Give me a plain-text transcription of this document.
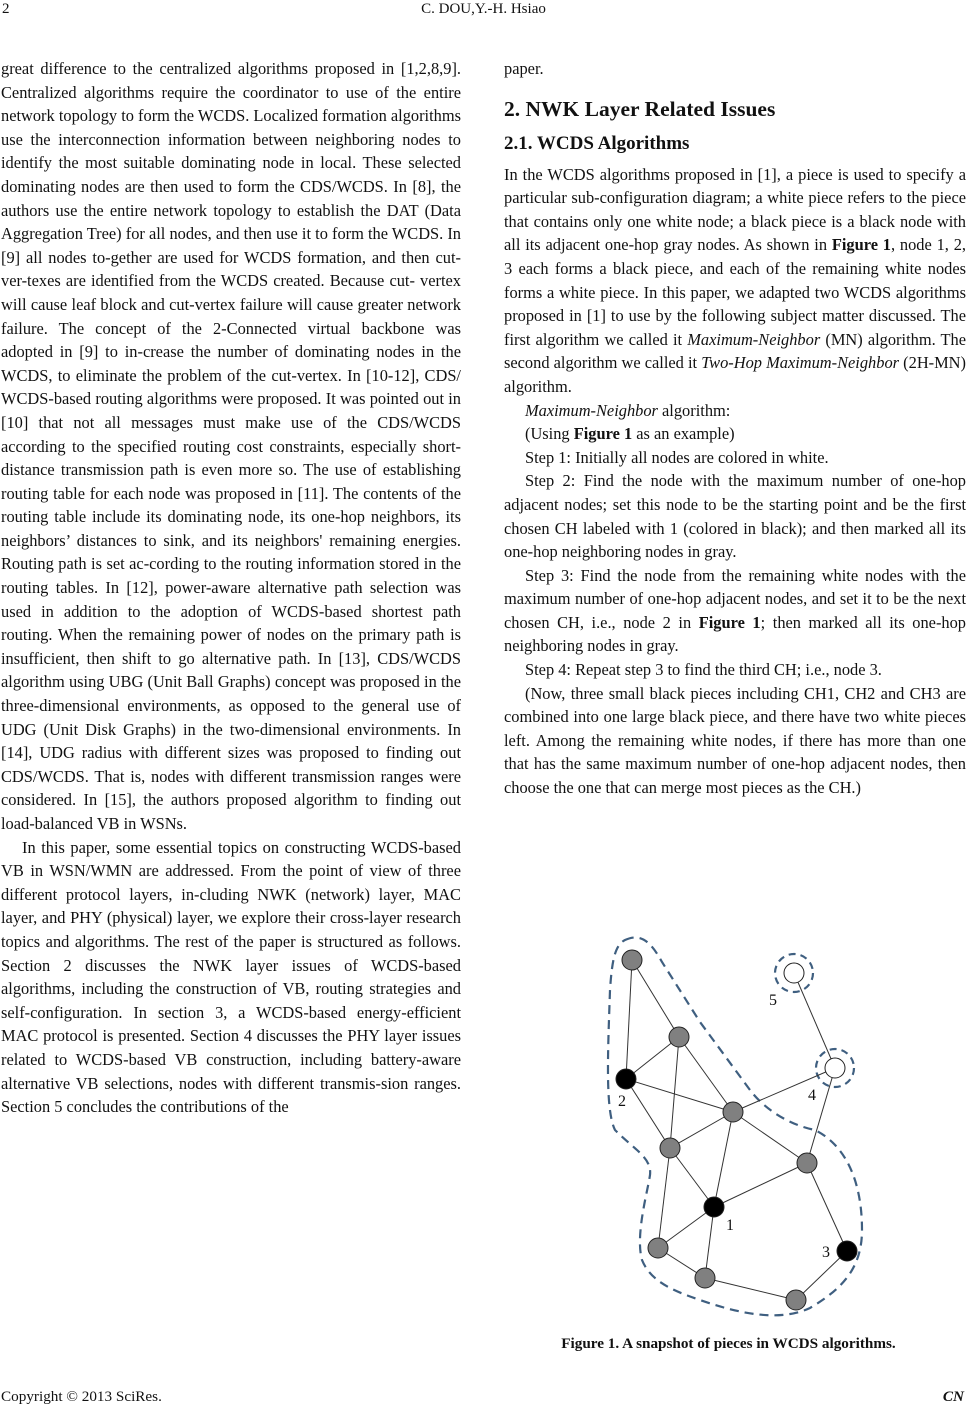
2	C. DOU,Y.-H. Hsiao

great difference to the centralized algorithms proposed in [1,2,8,9]. Centralized algorithms require the coordinator to use of the entire network topology to form the WCDS. Localized formation algorithms use the interconnection information between neighboring nodes to identify the most suitable dominating node in local. These selected dominating nodes are then used to form the CDS/WCDS. In [8], the authors use the entire network topology to establish the DAT (Data Aggregation Tree) for all nodes, and then use it to form the WCDS. In [9] all nodes to-gether are used for WCDS formation, and then cut-ver-texes are identified from the WCDS created. Because cut- vertex will cause leaf block and cut-vertex failure will cause greater network failure. The concept of the 2-Connected virtual backbone was adopted in [9] to in-crease the number of dominating nodes in the WCDS, to eliminate the problem of the cut-vertex. In [10-12], CDS/ WCDS-based routing algorithms were proposed. It was pointed out in [10] that not all messages must make use of the CDS/WCDS according to the specified routing cost constraints, especially short-distance transmission path is even more so. The use of establishing routing table for each node was proposed in [11]. The contents of the routing table include its dominating node, its one-hop neighbors, its neighbors’ distances to sink, and its neighbors' remaining energies. Routing path is set ac-cording to the routing information stored in the routing tables. In [12], power-aware alternative path selection was used in addition to the adoption of WCDS-based shortest path routing. When the remaining power of nodes on the primary path is insufficient, then shift to go alternative path. In [13], CDS/WCDS algorithm using UBG (Unit Ball Graphs) concept was proposed in the three-dimensional environments, as opposed to the general use of UDG (Unit Disk Graphs) in the two-dimensional environments. In [14], UDG radius with different sizes was proposed to finding out CDS/WCDS. That is, nodes with different transmission ranges were considered. In [15], the authors proposed algorithm to finding out load-balanced VB in WSNs.

In this paper, some essential topics on constructing WCDS-based VB in WSN/WMN are addressed. From the point of view of three different protocol layers, in-cluding NWK (network) layer, MAC layer, and PHY (physical) layer, we explore their cross-layer research topics and algorithms. The rest of the paper is structured as follows. Section 2 discusses the NWK layer issues of WCDS-based algorithms, including the construction of VB, routing strategies and self-configuration. In section 3, a WCDS-based energy-efficient MAC protocol is presented. Section 4 discusses the PHY layer issues related to WCDS-based VB construction, including battery-aware alternative VB selections, nodes with different transmis-sion ranges. Section 5 concludes the contributions of the

paper.

2. NWK Layer Related Issues
2.1. WCDS Algorithms

In the WCDS algorithms proposed in [1], a piece is used to specify a particular sub-configuration diagram; a white piece refers to the piece that contains only one white node; a black piece is a black node with all its adjacent one-hop gray nodes. As shown in Figure 1, node 1, 2, 3 each forms a black piece, and each of the remaining white nodes forms a white piece. In this paper, we adapted two WCDS algorithms proposed in [1] to use by the following subject matter discussed. The first algorithm we called it Maximum-Neighbor (MN) algorithm. The second algorithm we called it Two-Hop Maximum-Neighbor (2H-MN) algorithm.

Maximum-Neighbor algorithm:

(Using Figure 1 as an example)

Step 1: Initially all nodes are colored in white.

Step 2: Find the node with the maximum number of one-hop adjacent nodes; set this node to be the starting point and be the first chosen CH labeled with 1 (colored in black); and then marked all its one-hop neighboring nodes in gray.

Step 3: Find the node from the remaining white nodes with the maximum number of one-hop adjacent nodes, and set it to be the next chosen CH, i.e., node 2 in Figure 1; then marked all its one-hop neighboring nodes in gray.

Step 4: Repeat step 3 to find the third CH; i.e., node 3.

(Now, three small black pieces including CH1, CH2 and CH3 are combined into one large black piece, and there have two white pieces left. Among the remaining white nodes, if there has more than one that has the same maximum number of one-hop adjacent nodes, then choose the one that can merge most pieces as the CH.)

5
4
2
1
3
Figure 1. A snapshot of pieces in WCDS algorithms.
Copyright © 2013 SciRes.	CN
